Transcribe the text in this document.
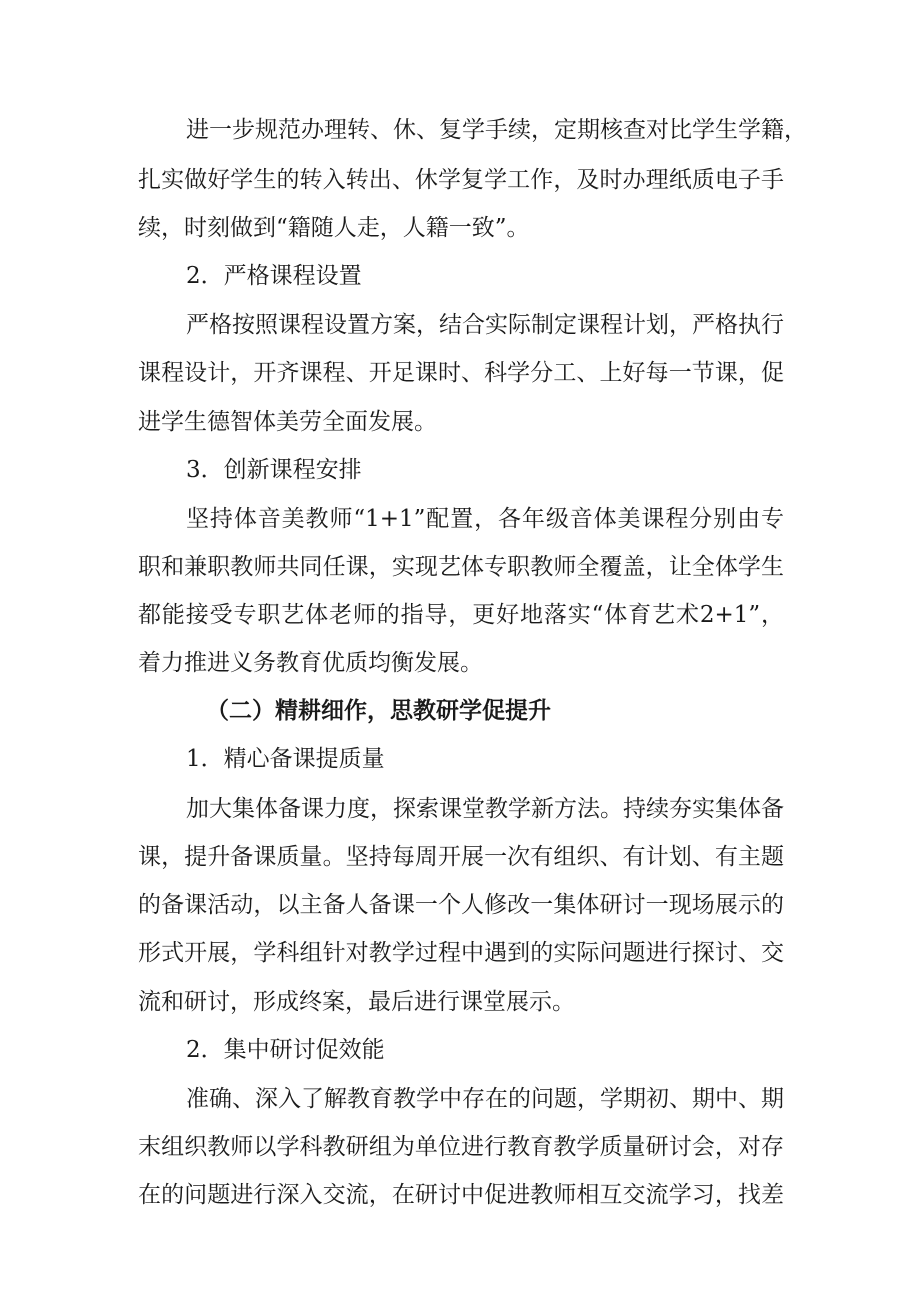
进一步规范办理转、休、复学手续，定期核查对比学生学籍，
扎实做好学生的转入转出、休学复学工作，及时办理纸质电子手
续，时刻做到“籍随人走，人籍一致”。
2．严格课程设置
严格按照课程设置方案，结合实际制定课程计划，严格执行
课程设计，开齐课程、开足课时、科学分工、上好每一节课，促
进学生德智体美劳全面发展。
3．创新课程安排
坚持体音美教师“1+1”配置，各年级音体美课程分别由专
职和兼职教师共同任课，实现艺体专职教师全覆盖，让全体学生
都能接受专职艺体老师的指导，更好地落实“体育艺术2+1”，
着力推进义务教育优质均衡发展。
（二）精耕细作，思教研学促提升
1．精心备课提质量
加大集体备课力度，探索课堂教学新方法。持续夯实集体备
课，提升备课质量。坚持每周开展一次有组织、有计划、有主题
的备课活动，以主备人备课一个人修改一集体研讨一现场展示的
形式开展，学科组针对教学过程中遇到的实际问题进行探讨、交
流和研讨，形成终案，最后进行课堂展示。
2．集中研讨促效能
准确、深入了解教育教学中存在的问题，学期初、期中、期
末组织教师以学科教研组为单位进行教育教学质量研讨会，对存
在的问题进行深入交流，在研讨中促进教师相互交流学习，找差
